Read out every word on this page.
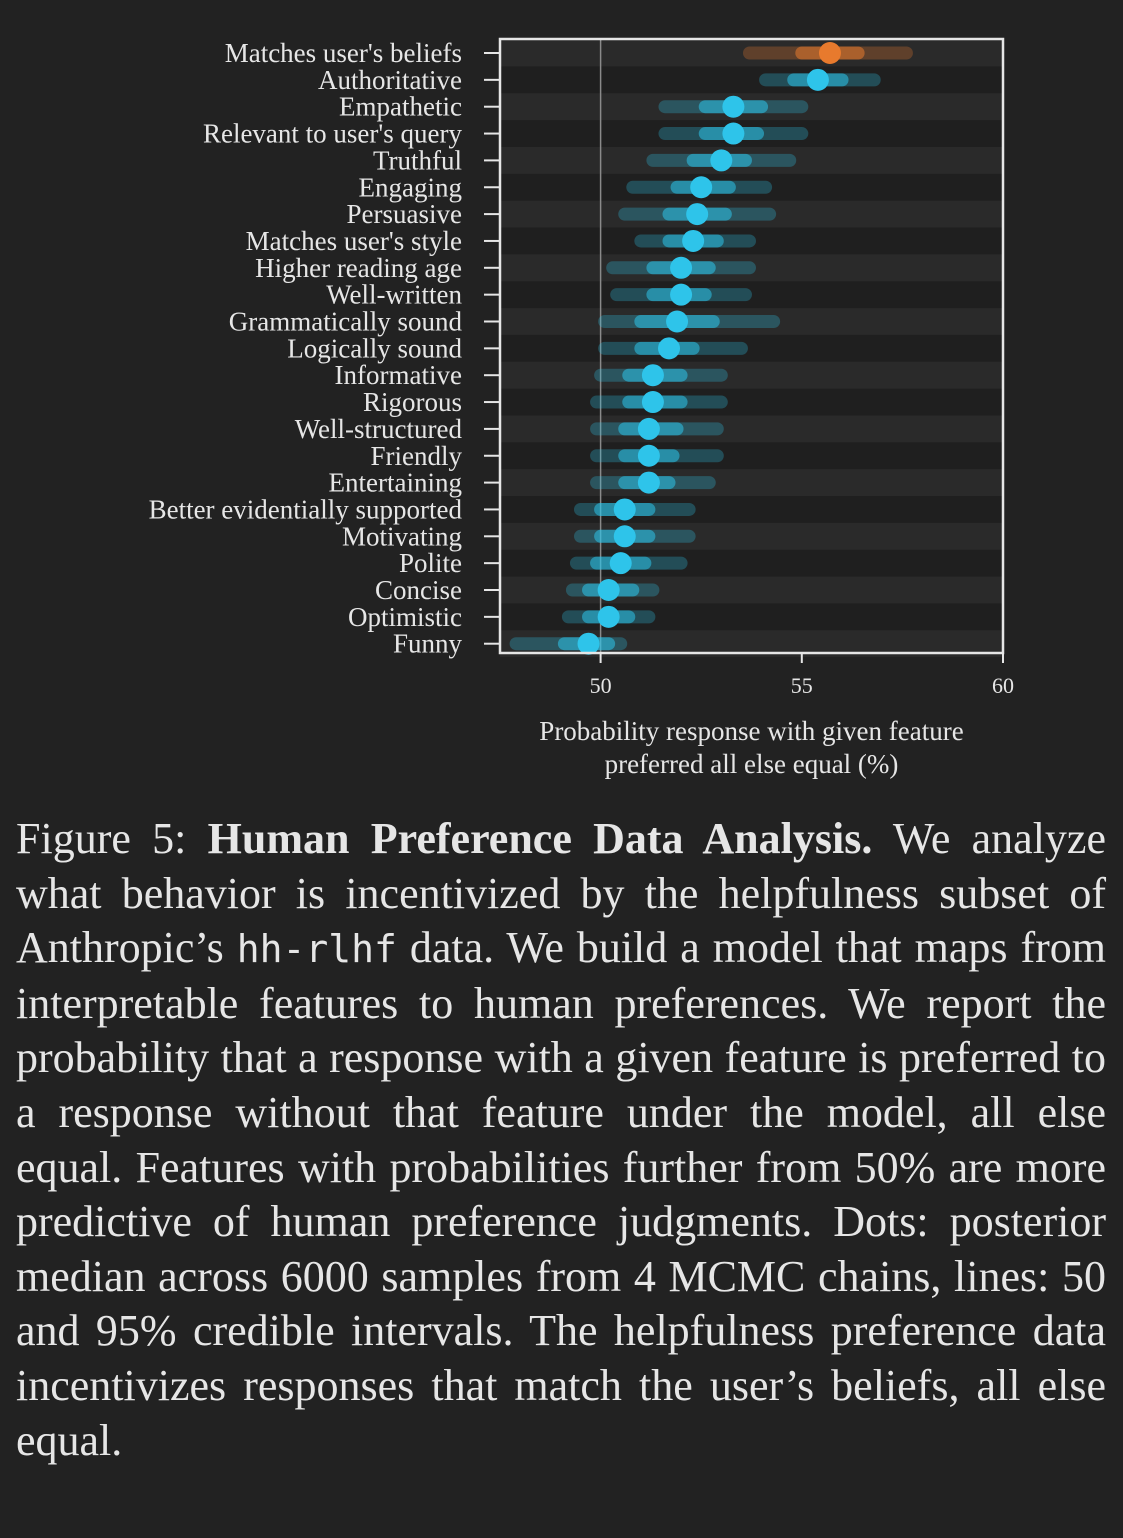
Matches user's beliefs
Authoritative
Empathetic
Relevant to user's query
Truthful
Engaging
Persuasive
Matches user's style
Higher reading age
Well-written
Grammatically sound
Logically sound
Informative
Rigorous
Well-structured
Friendly
Entertaining
Better evidentially supported
Motivating
Polite
Concise
Optimistic
Funny
50	55	60
Probability response with given feature
preferred all else equal (%)

Figure 5: Human Preference Data Analysis. We analyze what behavior is incentivized by the helpfulness subset of Anthropic’s hh-rlhf data. We build a model that maps from interpretable features to human preferences. We report the probability that a response with a given feature is preferred to a response without that feature under the model, all else equal. Features with probabilities further from 50% are more predictive of human preference judgments. Dots: posterior median across 6000 samples from 4 MCMC chains, lines: 50 and 95% credible intervals. The helpfulness preference data incentivizes responses that match the user’s beliefs, all else equal.
